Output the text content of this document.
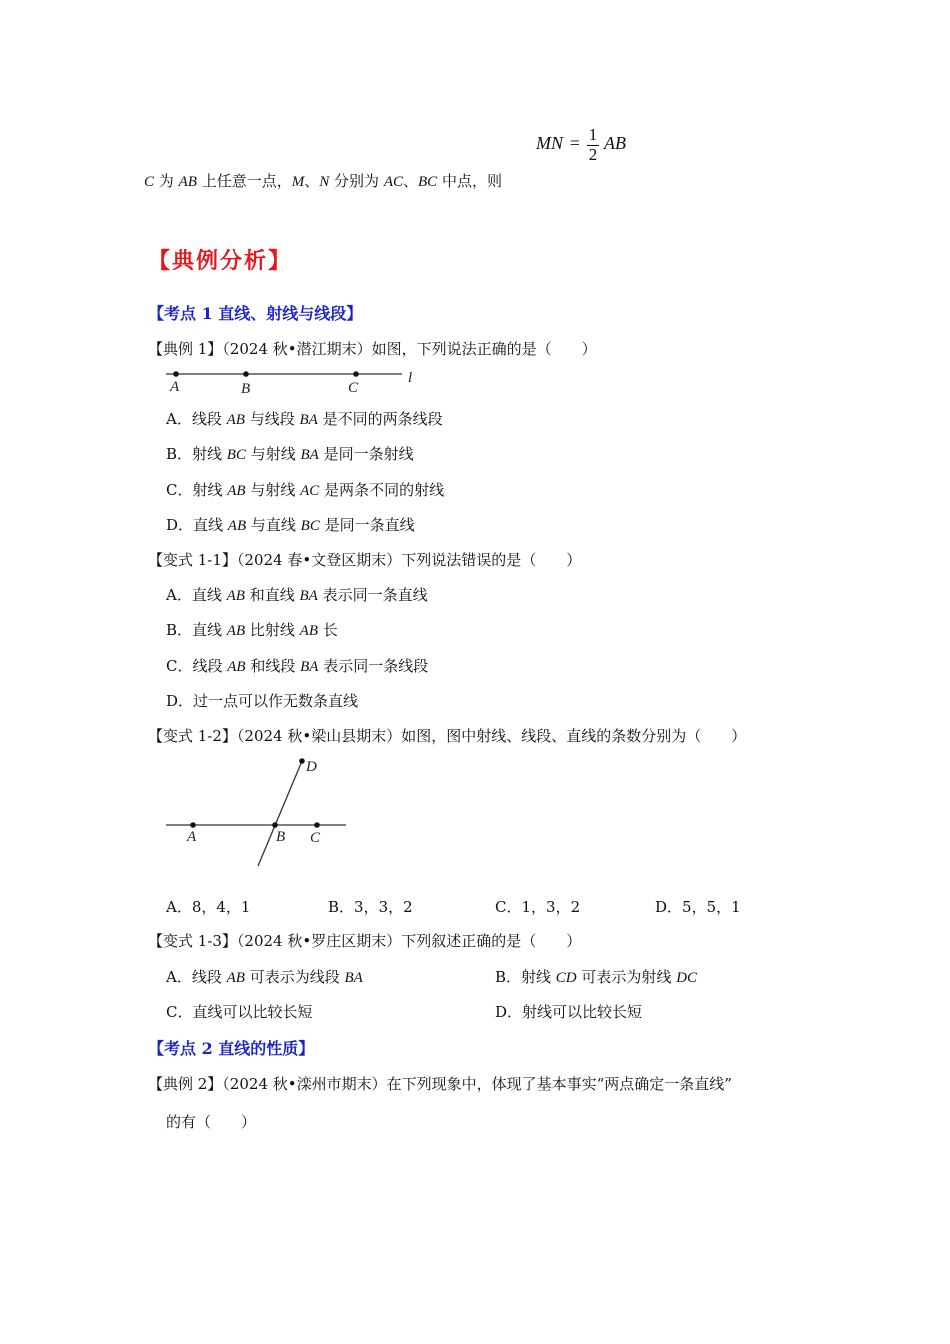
MN = $\frac{1}{2}$ AB
C 为 AB 上任意一点，M、N 分别为 AC、BC 中点，则
【典例分析】
【考点 1 直线、射线与线段】
【典例 1】（2024 秋•潜江期末）如图，下列说法正确的是（　　）
A	B	C
l
A．线段 AB 与线段 BA 是不同的两条线段
B．射线 BC 与射线 BA 是同一条射线
C．射线 AB 与射线 AC 是两条不同的射线
D．直线 AB 与直线 BC 是同一条直线
【变式 1-1】（2024 春•文登区期末）下列说法错误的是（　　）
A．直线 AB 和直线 BA 表示同一条直线
B．直线 AB 比射线 AB 长
C．线段 AB 和线段 BA 表示同一条线段
D．过一点可以作无数条直线
【变式 1-2】（2024 秋•梁山县期末）如图，图中射线、线段、直线的条数分别为（　　）
D
A	B C
A．8，4，1	B．3，3，2	C．1，3，2	D．5，5，1
【变式 1-3】（2024 秋•罗庄区期末）下列叙述正确的是（　　）
A．线段 AB 可表示为线段 BA	B．射线 CD 可表示为射线 DC
C．直线可以比较长短	D．射线可以比较长短
【考点 2 直线的性质】
【典例 2】（2024 秋•滦州市期末）在下列现象中，体现了基本事实“两点确定一条直线”
的有（　　）
